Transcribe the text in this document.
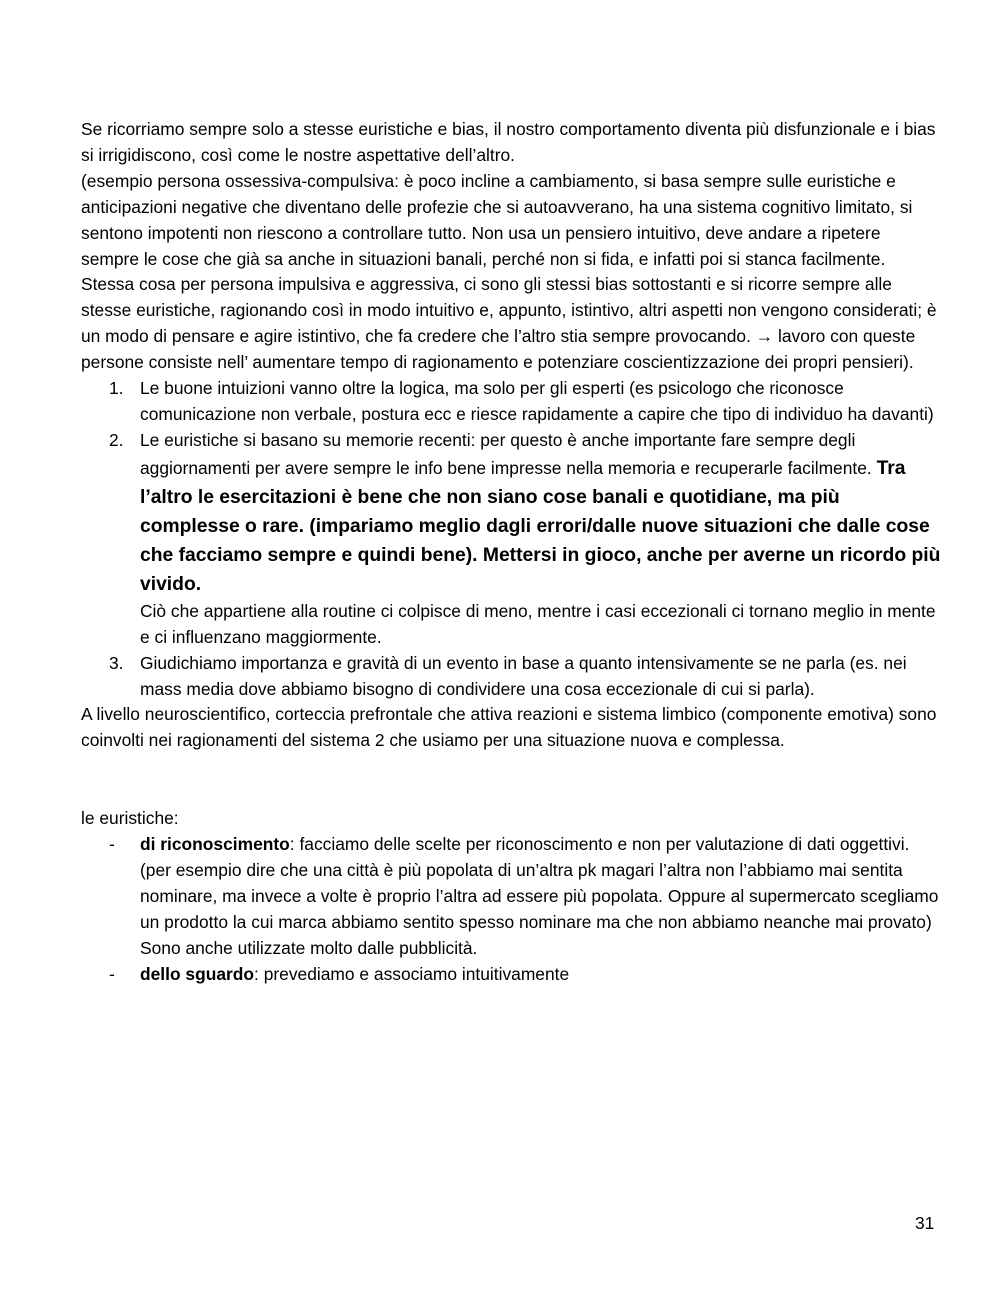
Se ricorriamo sempre solo a stesse euristiche e bias, il nostro comportamento diventa più disfunzionale e i bias si irrigidiscono, così come le nostre aspettative dell’altro.

(esempio persona ossessiva-compulsiva: è poco incline a cambiamento, si basa sempre sulle euristiche e anticipazioni negative che diventano delle profezie che si autoavverano, ha una sistema cognitivo limitato, si sentono impotenti non riescono a controllare tutto. Non usa un pensiero intuitivo, deve andare a ripetere sempre le cose che già sa anche in situazioni banali, perché non si fida, e infatti poi si stanca facilmente.

Stessa cosa per persona impulsiva e aggressiva, ci sono gli stessi bias sottostanti e si ricorre sempre alle stesse euristiche, ragionando così in modo intuitivo e, appunto, istintivo, altri aspetti non vengono considerati; è un modo di pensare e agire istintivo, che fa credere che l’altro stia sempre provocando. → lavoro con queste persone consiste nell’ aumentare tempo di ragionamento e potenziare coscientizzazione dei propri pensieri).

1. Le buone intuizioni vanno oltre la logica, ma solo per gli esperti (es psicologo che riconosce comunicazione non verbale, postura ecc e riesce rapidamente a capire che tipo di individuo ha davanti)
2. Le euristiche si basano su memorie recenti: per questo è anche importante fare sempre degli aggiornamenti per avere sempre le info bene impresse nella memoria e recuperarle facilmente. Tra l’altro le esercitazioni è bene che non siano cose banali e quotidiane, ma più complesse o rare. (impariamo meglio dagli errori/dalle nuove situazioni che dalle cose che facciamo sempre e quindi bene). Mettersi in gioco, anche per averne un ricordo più vivido.
Ciò che appartiene alla routine ci colpisce di meno, mentre i casi eccezionali ci tornano meglio in mente e ci influenzano maggiormente.
3. Giudichiamo importanza e gravità di un evento in base a quanto intensivamente se ne parla (es. nei mass media dove abbiamo bisogno di condividere una cosa eccezionale di cui si parla).

A livello neuroscientifico, corteccia prefrontale che attiva reazioni e sistema limbico (componente emotiva) sono coinvolti nei ragionamenti del sistema 2 che usiamo per una situazione nuova e complessa.

le euristiche:

- di riconoscimento: facciamo delle scelte per riconoscimento e non per valutazione di dati oggettivi. (per esempio dire che una città è più popolata di un’altra pk magari l’altra non l’abbiamo mai sentita nominare, ma invece a volte è proprio l’altra ad essere più popolata. Oppure al supermercato scegliamo un prodotto la cui marca abbiamo sentito spesso nominare ma che non abbiamo neanche mai provato)
Sono anche utilizzate molto dalle pubblicità.
- dello sguardo: prevediamo e associamo intuitivamente
31
